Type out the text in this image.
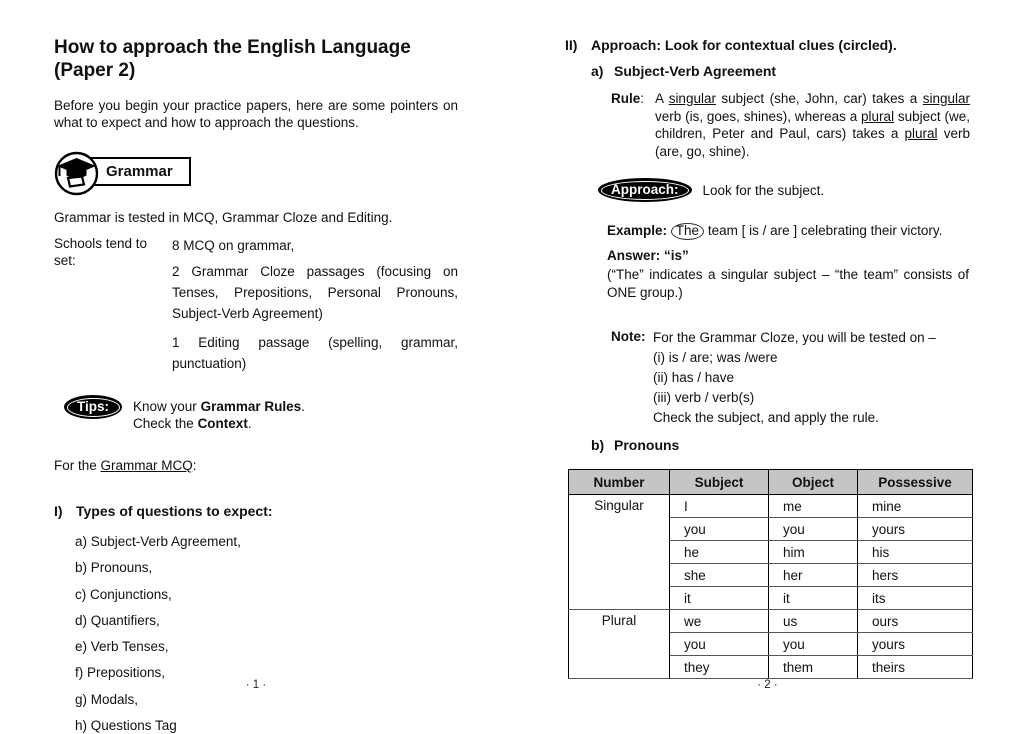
How to approach the English Language (Paper 2)

Before you begin your practice papers, here are some pointers on what to expect and how to approach the questions.

Grammar

Grammar is tested in MCQ, Grammar Cloze and Editing.

Schools tend to set:
8 MCQ on grammar,
2 Grammar Cloze passages (focusing on Tenses, Prepositions, Personal Pronouns, Subject-Verb Agreement)
1 Editing passage (spelling, grammar, punctuation)
Tips:	Know your Grammar Rules.
Check the Context.

For the Grammar MCQ:

I) Types of questions to expect:
a) Subject-Verb Agreement,
b) Pronouns,
c) Conjunctions,
d) Quantifiers,
e) Verb Tenses,
f) Prepositions,
g) Modals,
h) Questions Tag
· 1 ·
II) Approach: Look for contextual clues (circled).
a) Subject-Verb Agreement
Rule: A singular subject (she, John, car) takes a singular verb (is, goes, shines), whereas a plural subject (we, children, Peter and Paul, cars) takes a plural verb (are, go, shine).
Approach:	Look for the subject.

Example: The team [ is / are ] celebrating their victory.

Answer: “is”

(“The” indicates a singular subject – “the team” consists of ONE group.)

Note: For the Grammar Cloze, you will be tested on –
(i) is / are; was /were
(ii) has / have
(iii) verb / verb(s)
Check the subject, and apply the rule.
b) Pronouns
Number	Subject	Object	Possessive
Singular	I	me	mine
	you	you	yours
	he	him	his
	she	her	hers
	it	it	its
Plural	we	us	ours
	you	you	yours
	they	them	theirs
· 2 ·
